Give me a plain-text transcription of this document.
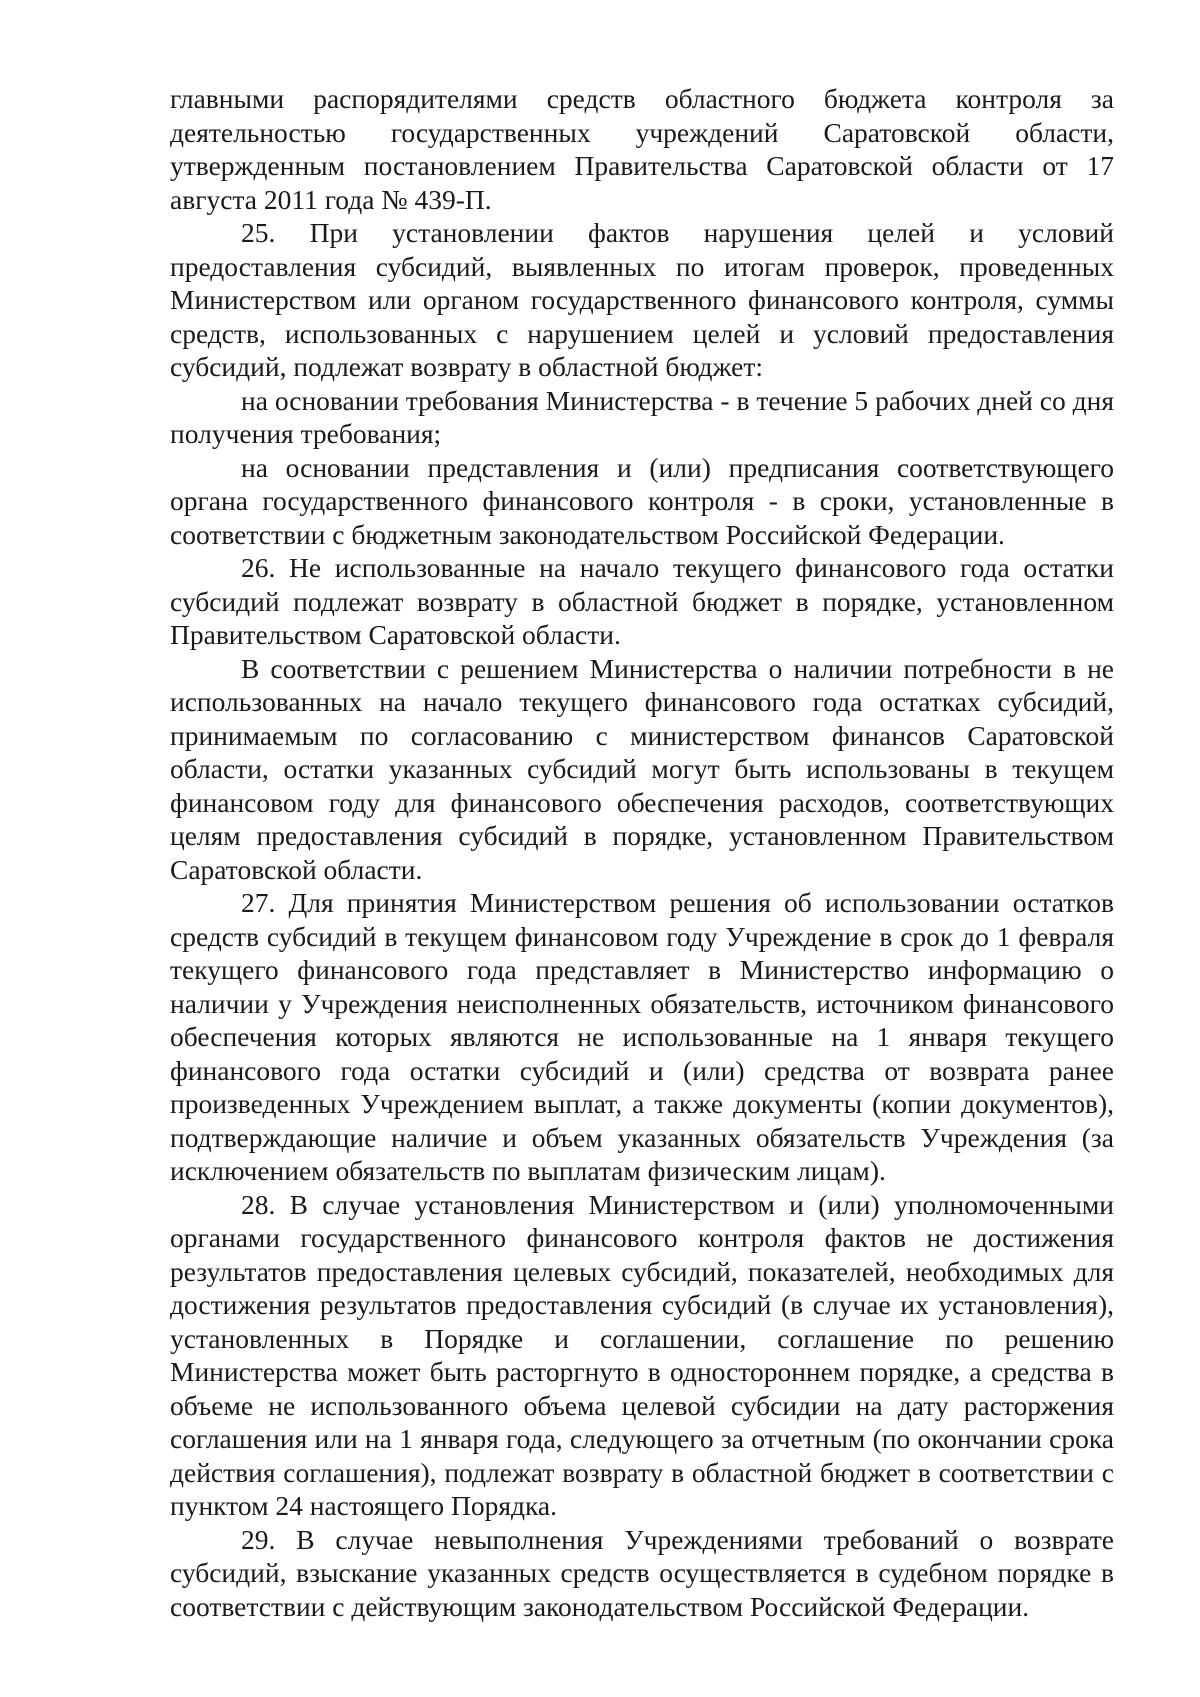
главными распорядителями средств областного бюджета контроля за деятельностью государственных учреждений Саратовской области, утвержденным постановлением Правительства Саратовской области от 17 августа 2011 года № 439-П.

25. При установлении фактов нарушения целей и условий предоставления субсидий, выявленных по итогам проверок, проведенных Министерством или органом государственного финансового контроля, суммы средств, использованных с нарушением целей и условий предоставления субсидий, подлежат возврату в областной бюджет:

на основании требования Министерства - в течение 5 рабочих дней со дня получения требования;

на основании представления и (или) предписания соответствующего органа государственного финансового контроля - в сроки, установленные в соответствии с бюджетным законодательством Российской Федерации.

26. Не использованные на начало текущего финансового года остатки субсидий подлежат возврату в областной бюджет в порядке, установленном Правительством Саратовской области.

В соответствии с решением Министерства о наличии потребности в не использованных на начало текущего финансового года остатках субсидий, принимаемым по согласованию с министерством финансов Саратовской области, остатки указанных субсидий могут быть использованы в текущем финансовом году для финансового обеспечения расходов, соответствующих целям предоставления субсидий в порядке, установленном Правительством Саратовской области.

27. Для принятия Министерством решения об использовании остатков средств субсидий в текущем финансовом году Учреждение в срок до 1 февраля текущего финансового года представляет в Министерство информацию о наличии у Учреждения неисполненных обязательств, источником финансового обеспечения которых являются не использованные на 1 января текущего финансового года остатки субсидий и (или) средства от возврата ранее произведенных Учреждением выплат, а также документы (копии документов), подтверждающие наличие и объем указанных обязательств Учреждения (за исключением обязательств по выплатам физическим лицам).

28. В случае установления Министерством и (или) уполномоченными органами государственного финансового контроля фактов не достижения результатов предоставления целевых субсидий, показателей, необходимых для достижения результатов предоставления субсидий (в случае их установления), установленных в Порядке и соглашении, соглашение по решению Министерства может быть расторгнуто в одностороннем порядке, а средства в объеме не использованного объема целевой субсидии на дату расторжения соглашения или на 1 января года, следующего за отчетным (по окончании срока действия соглашения), подлежат возврату в областной бюджет в соответствии с пунктом 24 настоящего Порядка.

29. В случае невыполнения Учреждениями требований о возврате субсидий, взыскание указанных средств осуществляется в судебном порядке в соответствии с действующим законодательством Российской Федерации.
